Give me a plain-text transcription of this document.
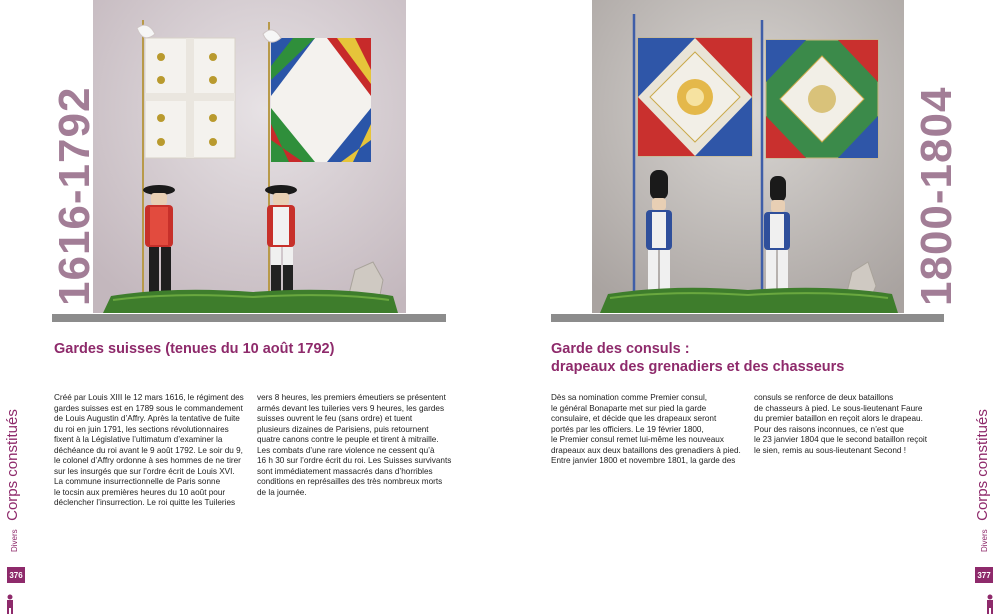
1616-1792
Gardes suisses (tenues du 10 août 1792)

Créé par Louis XIII le 12 mars 1616, le régiment des

gardes suisses est en 1789 sous le commandement

de Louis Augustin d’Affry. Après la tentative de fuite

du roi en juin 1791, les sections révolutionnaires

fixent à la Législative l’ultimatum d’examiner la

déchéance du roi avant le 9 août 1792. Le soir du 9,

le colonel d’Affry ordonne à ses hommes de ne tirer

sur les insurgés que sur l’ordre écrit de Louis XVI.

La commune insurrectionnelle de Paris sonne

le tocsin aux premières heures du 10 août pour

déclencher l’insurrection. Le roi quitte les Tuileries

vers 8 heures, les premiers émeutiers se présentent

armés devant les tuileries vers 9 heures, les gardes

suisses ouvrent le feu (sans ordre) et tuent

plusieurs dizaines de Parisiens, puis retournent

quatre canons contre le peuple et tirent à mitraille.

Les combats d’une rare violence ne cessent qu’à

16 h 30 sur l’ordre écrit du roi. Les Suisses survivants

sont immédiatement massacrés dans d’horribles

conditions en représailles des très nombreux morts

de la journée.

Divers Corps constitués
376
1800-1804
Garde des consuls :
drapeaux des grenadiers et des chasseurs

Dès sa nomination comme Premier consul,

le général Bonaparte met sur pied la garde

consulaire, et décide que les drapeaux seront

portés par les officiers. Le 19 février 1800,

le Premier consul remet lui-même les nouveaux

drapeaux aux deux bataillons des grenadiers à pied.

Entre janvier 1800 et novembre 1801, la garde des

consuls se renforce de deux bataillons

de chasseurs à pied. Le sous-lieutenant Faure

du premier bataillon en reçoit alors le drapeau.

Pour des raisons inconnues, ce n’est que

le 23 janvier 1804 que le second bataillon reçoit

le sien, remis au sous-lieutenant Second !

Divers Corps constitués
377
